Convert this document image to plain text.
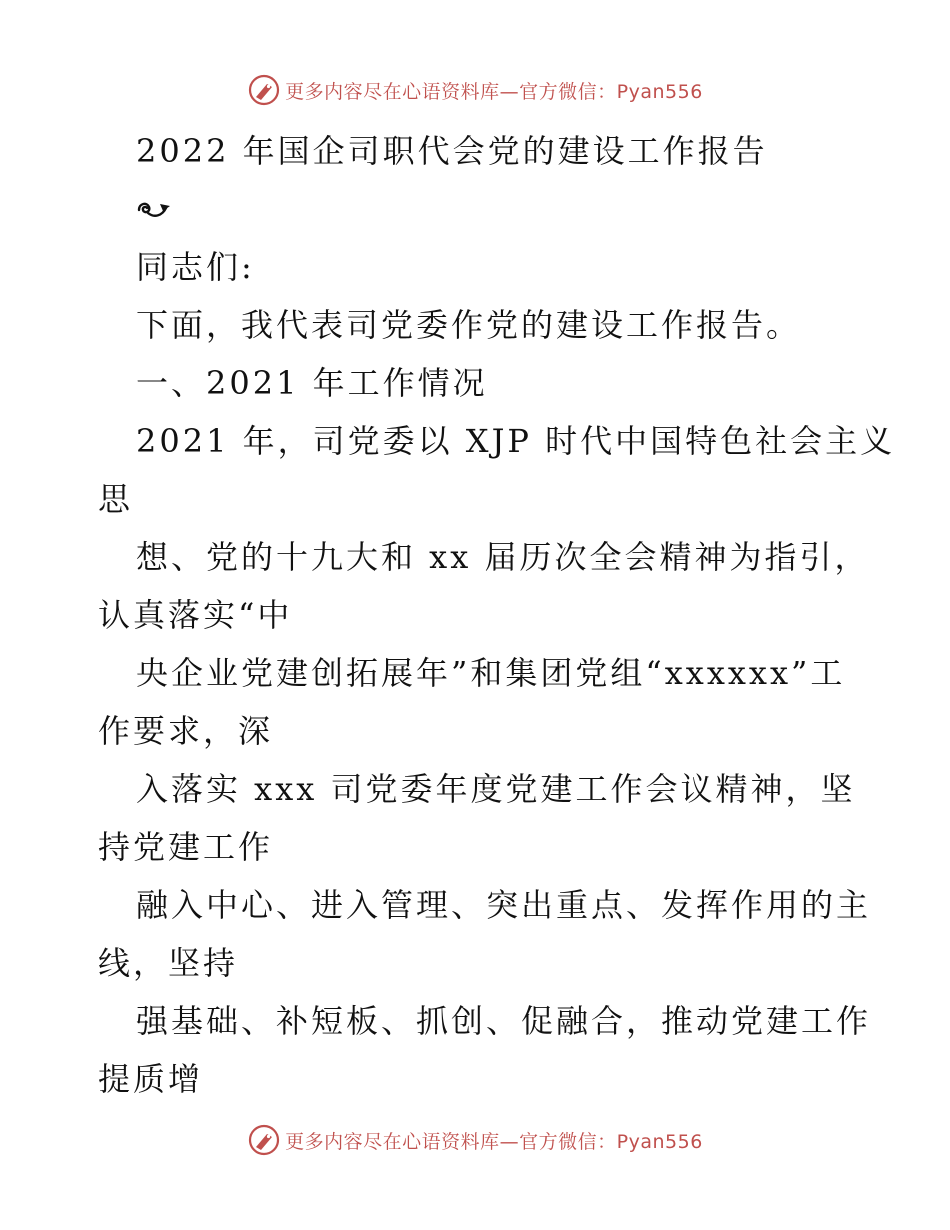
更多内容尽在心语资料库—官方微信：Pyan556
2022 年国企司职代会党的建设工作报告
同志们:
下面，我代表司党委作党的建设工作报告。
一、2021 年工作情况
2021 年，司党委以 XJP 时代中国特色社会主义
思
想、党的十九大和 xx 届历次全会精神为指引，
认真落实“中
央企业党建创拓展年”和集团党组“xxxxxx”工
作要求，深
入落实 xxx 司党委年度党建工作会议精神，坚
持党建工作
融入中心、进入管理、突出重点、发挥作用的主
线，坚持
强基础、补短板、抓创、促融合，推动党建工作
提质增
更多内容尽在心语资料库—官方微信：Pyan556
